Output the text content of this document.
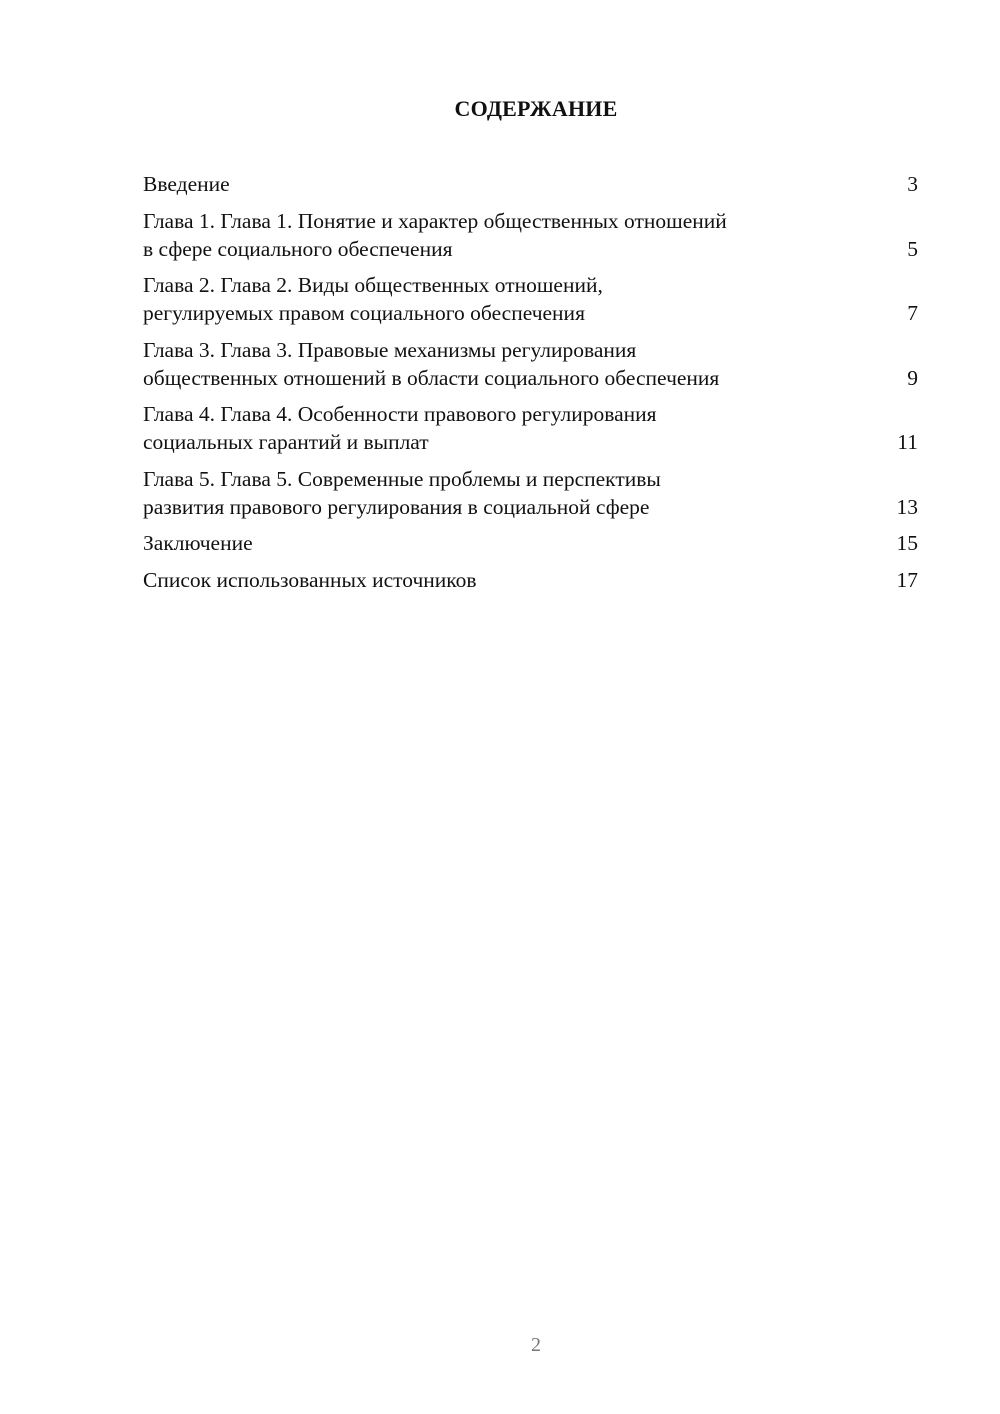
СОДЕРЖАНИЕ
Введение	3
Глава 1. Глава 1. Понятие и характер общественных отношений
в сфере социального обеспечения	5
Глава 2. Глава 2. Виды общественных отношений,
регулируемых правом социального обеспечения	7
Глава 3. Глава 3. Правовые механизмы регулирования
общественных отношений в области социального обеспечения	9
Глава 4. Глава 4. Особенности правового регулирования
социальных гарантий и выплат	11
Глава 5. Глава 5. Современные проблемы и перспективы
развития правового регулирования в социальной сфере	13
Заключение	15
Список использованных источников	17
2
